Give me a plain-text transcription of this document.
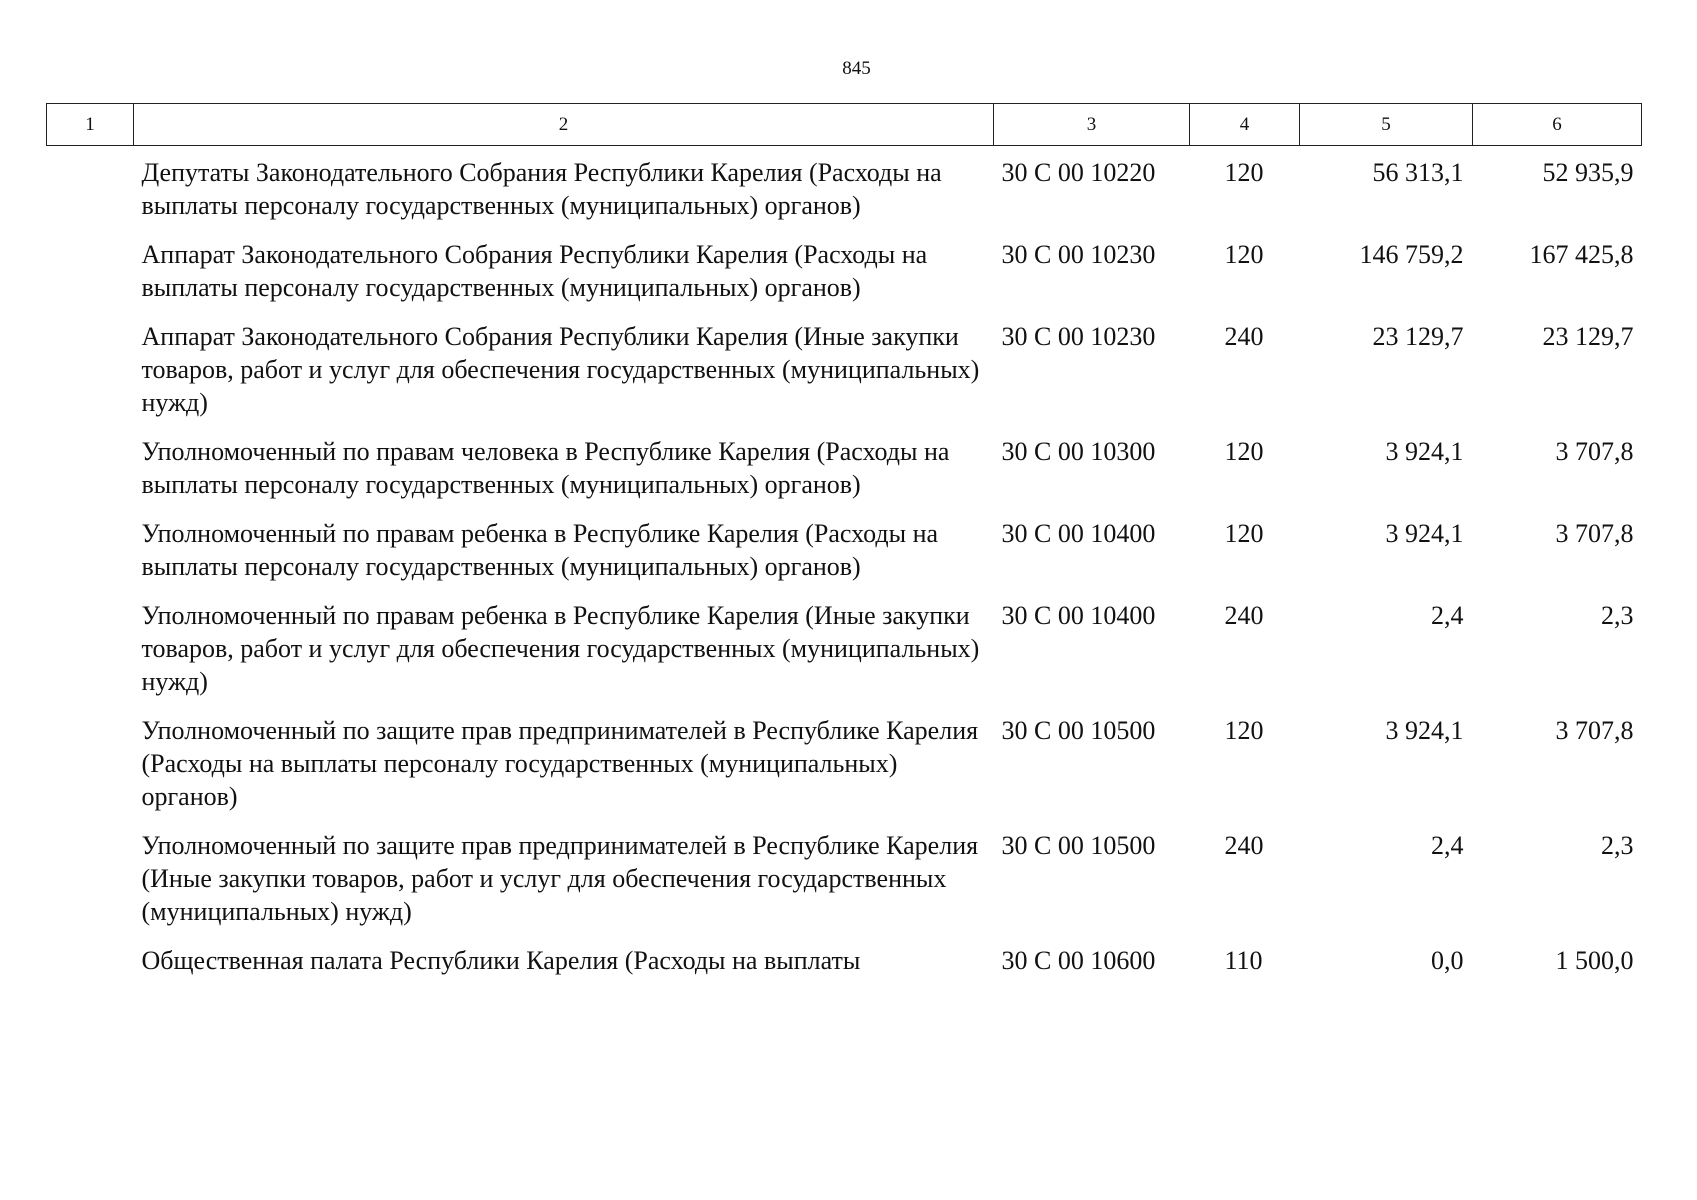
845
1	2	3	4	5	6
	Депутаты Законодательного Собрания Республики Карелия (Расходы на выплаты персоналу государственных (муниципальных) органов)	30 С 00 10220	120	56 313,1	52 935,9
	Аппарат Законодательного Собрания Республики Карелия (Расходы на выплаты персоналу государственных (муниципальных) органов)	30 С 00 10230	120	146 759,2	167 425,8
	Аппарат Законодательного Собрания Республики Карелия (Иные закупки товаров, работ и услуг для обеспечения государственных (муниципальных) нужд)	30 С 00 10230	240	23 129,7	23 129,7
	Уполномоченный по правам человека в Республике Карелия (Расходы на выплаты персоналу государственных (муниципальных) органов)	30 С 00 10300	120	3 924,1	3 707,8
	Уполномоченный по правам ребенка в Республике Карелия (Расходы на выплаты персоналу государственных (муниципальных) органов)	30 С 00 10400	120	3 924,1	3 707,8
	Уполномоченный по правам ребенка в Республике Карелия (Иные закупки товаров, работ и услуг для обеспечения государственных (муниципальных) нужд)	30 С 00 10400	240	2,4	2,3
	Уполномоченный по защите прав предпринимателей в Республике Карелия (Расходы на выплаты персоналу государственных (муниципальных) органов)	30 С 00 10500	120	3 924,1	3 707,8
	Уполномоченный по защите прав предпринимателей в Республике Карелия (Иные закупки товаров, работ и услуг для обеспечения государственных (муниципальных) нужд)	30 С 00 10500	240	2,4	2,3
	Общественная палата Республики Карелия (Расходы на выплаты	30 С 00 10600	110	0,0	1 500,0
